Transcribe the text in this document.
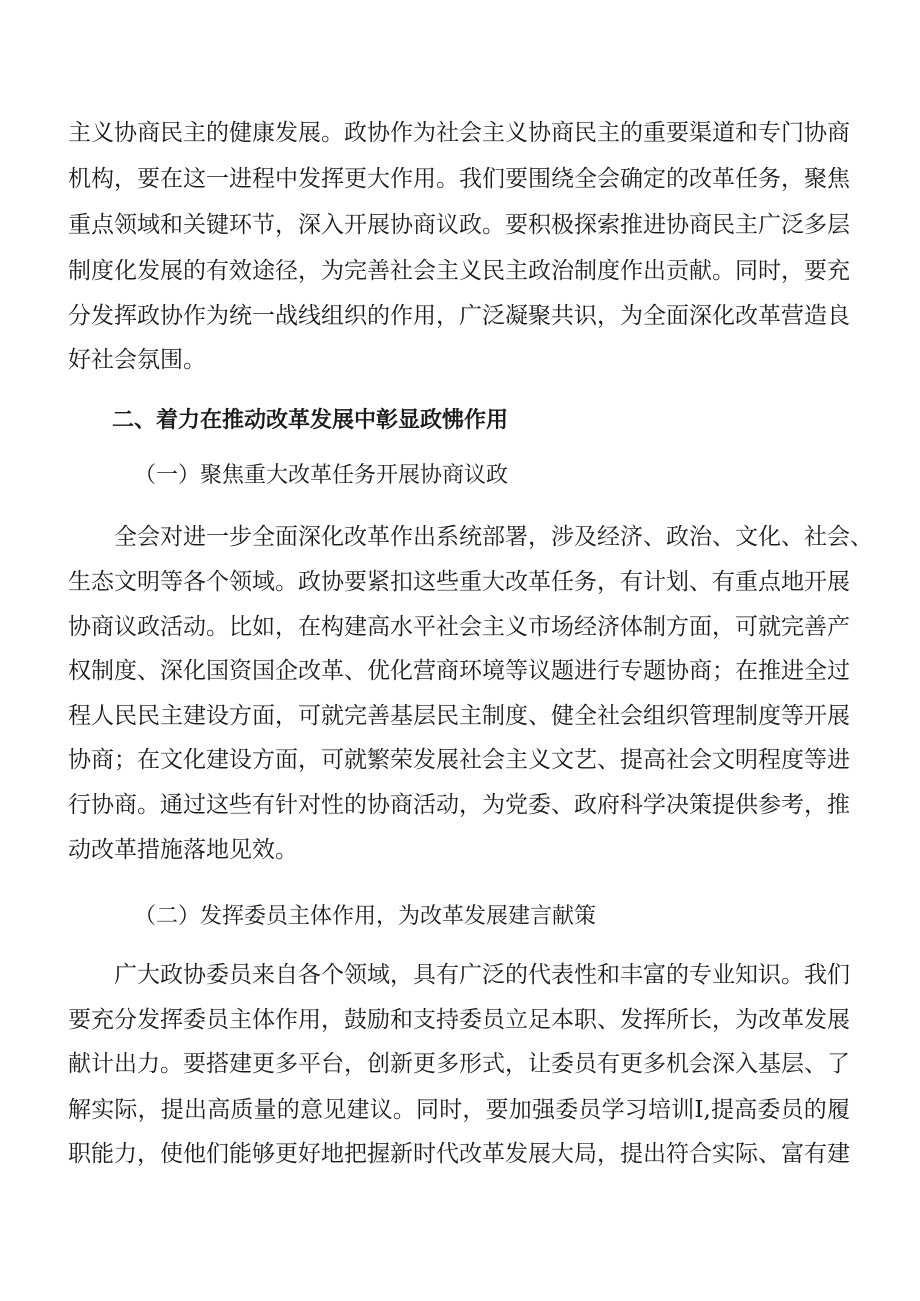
主义协商民主的健康发展。政协作为社会主义协商民主的重要渠道和专门协商
机构，要在这一进程中发挥更大作用。我们要围绕全会确定的改革任务，聚焦
重点领域和关键环节，深入开展协商议政。要积极探索推进协商民主广泛多层
制度化发展的有效途径，为完善社会主义民主政治制度作出贡献。同时，要充
分发挥政协作为统一战线组织的作用，广泛凝聚共识，为全面深化改革营造良
好社会氛围。
二、着力在推动改革发展中彰显政怫作用
（一）聚焦重大改革任务开展协商议政
全会对进一步全面深化改革作出系统部署，涉及经济、政治、文化、社会、
生态文明等各个领域。政协要紧扣这些重大改革任务，有计划、有重点地开展
协商议政活动。比如，在构建高水平社会主义市场经济体制方面，可就完善产
权制度、深化国资国企改革、优化营商环境等议题进行专题协商；在推进全过
程人民民主建设方面，可就完善基层民主制度、健全社会组织管理制度等开展
协商；在文化建设方面，可就繁荣发展社会主义文艺、提高社会文明程度等进
行协商。通过这些有针对性的协商活动，为党委、政府科学决策提供参考，推
动改革措施落地见效。
（二）发挥委员主体作用，为改革发展建言献策
广大政协委员来自各个领域，具有广泛的代表性和丰富的专业知识。我们
要充分发挥委员主体作用，鼓励和支持委员立足本职、发挥所长，为改革发展
献计出力。要搭建更多平台，创新更多形式，让委员有更多机会深入基层、了
解实际，提出高质量的意见建议。同时，要加强委员学习培训I,提高委员的履
职能力，使他们能够更好地把握新时代改革发展大局，提出符合实际、富有建
